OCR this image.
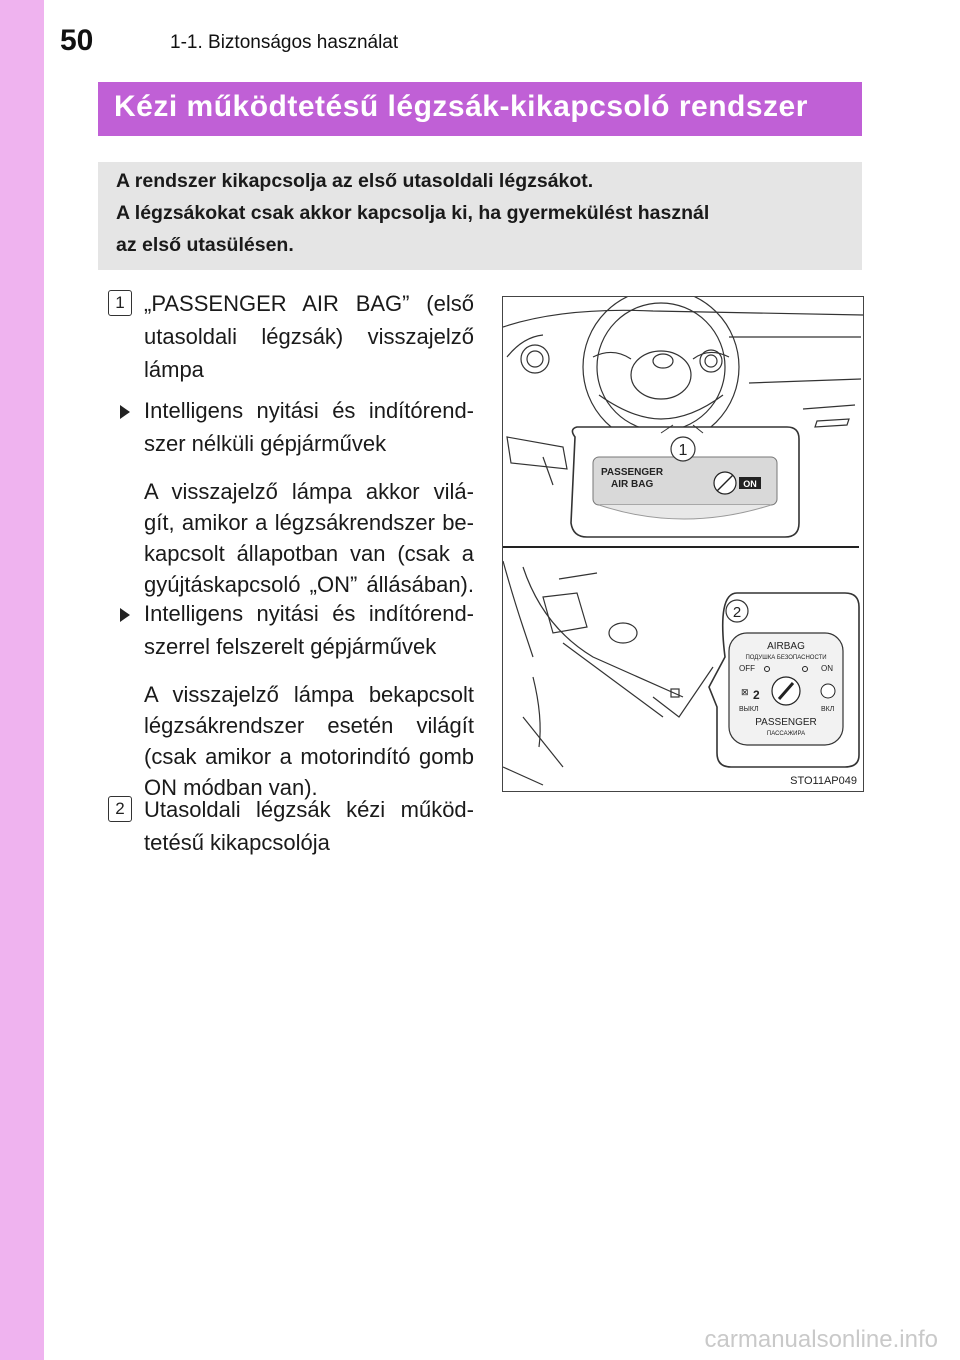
50	1-1. Biztonságos használat
Kézi működtetésű légzsák-kikapcsoló rendszer
A rendszer kikapcsolja az első utasoldali légzsákot.
A légzsákokat csak akkor kapcsolja ki, ha gyermekülést használ
az első utasülésen.
1 „PASSENGER AIR BAG” (első
utasoldali légzsák) visszajelző
lámpa
Intelligens nyitási és indítórend-
szer nélküli gépjárművek
A visszajelző lámpa akkor vilá-
gít, amikor a légzsákrendszer be-
kapcsolt állapotban van (csak a
gyújtáskapcsoló „ON” állásában).
Intelligens nyitási és indítórend-
szerrel felszerelt gépjárművek
A visszajelző lámpa bekapcsolt
légzsákrendszer esetén világít
(csak amikor a motorindító gomb
ON módban van).
2 Utasoldali légzsák kézi működ-
tetésű kikapcsolója
1
PASSENGER
AIR BAG	ON
2
AIRBAG
ПОДУШКА БЕЗОПАСНОСТИ
OFF	ON
⊠ 2
ВЫКЛ	ВКЛ
PASSENGER
ПАССАЖИРА
STO11AP049
carmanualsonline.info
